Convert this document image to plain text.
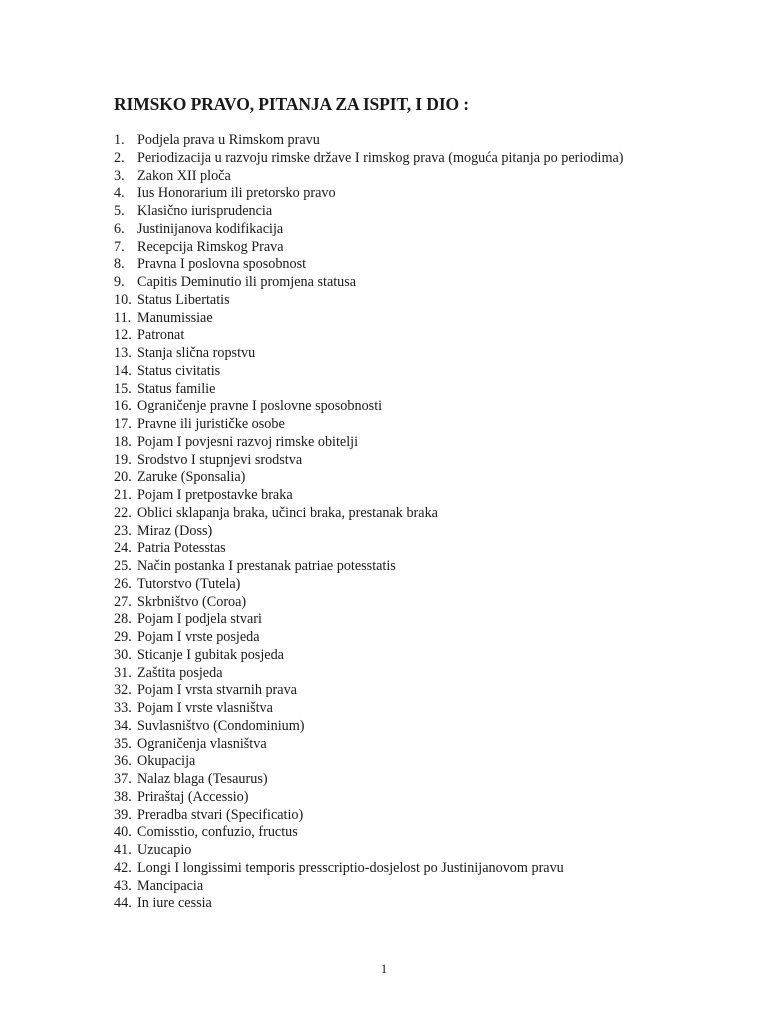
RIMSKO PRAVO, PITANJA ZA ISPIT, I DIO :
1. Podjela prava u Rimskom pravu
2. Periodizacija u razvoju rimske države I rimskog prava (moguća pitanja po periodima)
3. Zakon XII ploča
4. Ius Honorarium ili pretorsko pravo
5. Klasično iurisprudencia
6. Justinijanova kodifikacija
7. Recepcija Rimskog Prava
8. Pravna I poslovna sposobnost
9. Capitis Deminutio ili promjena statusa
10. Status Libertatis
11. Manumissiae
12. Patronat
13. Stanja slična ropstvu
14. Status civitatis
15. Status familie
16. Ograničenje pravne I poslovne sposobnosti
17. Pravne ili jurističke osobe
18. Pojam I povjesni razvoj rimske obitelji
19. Srodstvo I stupnjevi srodstva
20. Zaruke (Sponsalia)
21. Pojam I pretpostavke braka
22. Oblici sklapanja braka, učinci braka, prestanak braka
23. Miraz (Doss)
24. Patria Potesstas
25. Način postanka I prestanak patriae potesstatis
26. Tutorstvo (Tutela)
27. Skrbništvo (Coroa)
28. Pojam I podjela stvari
29. Pojam I vrste posjeda
30. Sticanje I gubitak posjeda
31. Zaštita posjeda
32. Pojam I vrsta stvarnih prava
33. Pojam I vrste vlasništva
34. Suvlasništvo (Condominium)
35. Ograničenja vlasništva
36. Okupacija
37. Nalaz blaga (Tesaurus)
38. Priraštaj (Accessio)
39. Preradba stvari (Specificatio)
40. Comisstio, confuzio, fructus
41. Uzucapio
42. Longi I longissimi temporis presscriptio-dosjelost po Justinijanovom pravu
43. Mancipacia
44. In iure cessia
1
